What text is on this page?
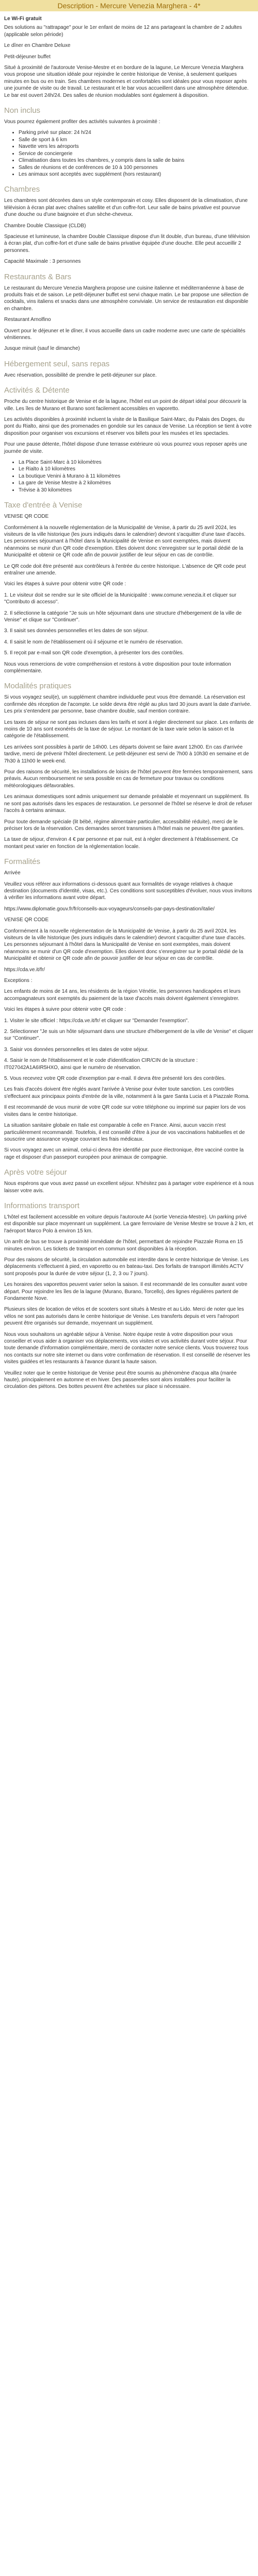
Description - Mercure Venezia Marghera - 4*

Le Wi-Fi gratuit

Des solutions au "rattrapage" pour le 1er enfant de moins de 12 ans partageant la chambre de 2 adultes (applicable selon période)

Le dîner en Chambre Deluxe

Petit-déjeuner buffet

Situé à proximité de l'autoroute Venise-Mestre et en bordure de la lagune, Le Mercure Venezia Marghera vous propose une situation idéale pour rejoindre le centre historique de Venise, à seulement quelques minutes en bus ou en train. Ses chambres modernes et confortables sont idéales pour vous reposer après une journée de visite ou de travail. Le restaurant et le bar vous accueillent dans une atmosphère détendue. Le bar est ouvert 24h/24. Des salles de réunion modulables sont également à disposition.

Non inclus

Vous pourrez également profiter des activités suivantes à proximité :

• Parking privé sur place: 24 h/24
• Salle de sport à 6 km
• Navette vers les aéroports
• Service de conciergerie
• Climatisation dans toutes les chambres, y compris dans la salle de bains
• Salles de réunions et de conférences de 10 à 100 personnes
• Les animaux sont acceptés avec supplément (hors restaurant)
Chambres

Les chambres sont décorées dans un style contemporain et cosy. Elles disposent de la climatisation, d'une télévision à écran plat avec chaînes satellite et d'un coffre-fort. Leur salle de bains privative est pourvue d'une douche ou d'une baignoire et d'un sèche-cheveux.

Chambre Double Classique (CLDB)

Spacieuse et lumineuse, la chambre Double Classique dispose d'un lit double, d'un bureau, d'une télévision à écran plat, d'un coffre-fort et d'une salle de bains privative équipée d'une douche. Elle peut accueillir 2 personnes.

Capacité Maximale : 3 personnes

Restaurants & Bars

Le restaurant du Mercure Venezia Marghera propose une cuisine italienne et méditerranéenne à base de produits frais et de saison. Le petit-déjeuner buffet est servi chaque matin. Le bar propose une sélection de cocktails, vins italiens et snacks dans une atmosphère conviviale. Un service de restauration est disponible en chambre.

Restaurant Arnolfino

Ouvert pour le déjeuner et le dîner, il vous accueille dans un cadre moderne avec une carte de spécialités vénitiennes.

Jusque minuit (sauf le dimanche)

Hébergement seul, sans repas

Avec réservation, possibilité de prendre le petit-déjeuner sur place.

Activités & Détente

Proche du centre historique de Venise et de la lagune, l'hôtel est un point de départ idéal pour découvrir la ville. Les îles de Murano et Burano sont facilement accessibles en vaporetto.

Les activités disponibles à proximité incluent la visite de la Basilique Saint-Marc, du Palais des Doges, du pont du Rialto, ainsi que des promenades en gondole sur les canaux de Venise. La réception se tient à votre disposition pour organiser vos excursions et réserver vos billets pour les musées et les spectacles.

Pour une pause détente, l'hôtel dispose d'une terrasse extérieure où vous pourrez vous reposer après une journée de visite.

• La Place Saint-Marc à 10 kilomètres
• Le Rialto à 10 kilomètres
• La boutique Venini à Murano à 11 kilomètres
• La gare de Venise Mestre à 2 kilomètres
• Trévise à 30 kilomètres
Taxe d'entrée à Venise

VENISE QR CODE

Conformément à la nouvelle réglementation de la Municipalité de Venise, à partir du 25 avril 2024, les visiteurs de la ville historique (les jours indiqués dans le calendrier) devront s'acquitter d'une taxe d'accès. Les personnes séjournant à l'hôtel dans la Municipalité de Venise en sont exemptées, mais doivent néanmoins se munir d'un QR code d'exemption. Elles doivent donc s'enregistrer sur le portail dédié de la Municipalité et obtenir ce QR code afin de pouvoir justifier de leur séjour en cas de contrôle.

Le QR code doit être présenté aux contrôleurs à l'entrée du centre historique. L'absence de QR code peut entraîner une amende.

Voici les étapes à suivre pour obtenir votre QR code :

1. Le visiteur doit se rendre sur le site officiel de la Municipalité : www.comune.venezia.it et cliquer sur "Contributo di accesso".

2. Il sélectionne la catégorie "Je suis un hôte séjournant dans une structure d'hébergement de la ville de Venise" et clique sur "Continuer".

3. Il saisit ses données personnelles et les dates de son séjour.

4. Il saisit le nom de l'établissement où il séjourne et le numéro de réservation.

5. Il reçoit par e-mail son QR code d'exemption, à présenter lors des contrôles.

Nous vous remercions de votre compréhension et restons à votre disposition pour toute information complémentaire.

Modalités pratiques

Si vous voyagez seul(e), un supplément chambre individuelle peut vous être demandé. La réservation est confirmée dès réception de l'acompte. Le solde devra être réglé au plus tard 30 jours avant la date d'arrivée. Les prix s'entendent par personne, base chambre double, sauf mention contraire.

Les taxes de séjour ne sont pas incluses dans les tarifs et sont à régler directement sur place. Les enfants de moins de 10 ans sont exonérés de la taxe de séjour. Le montant de la taxe varie selon la saison et la catégorie de l'établissement.

Les arrivées sont possibles à partir de 14h00. Les départs doivent se faire avant 12h00. En cas d'arrivée tardive, merci de prévenir l'hôtel directement. Le petit-déjeuner est servi de 7h00 à 10h30 en semaine et de 7h30 à 11h00 le week-end.

Pour des raisons de sécurité, les installations de loisirs de l'hôtel peuvent être fermées temporairement, sans préavis. Aucun remboursement ne sera possible en cas de fermeture pour travaux ou conditions météorologiques défavorables.

Les animaux domestiques sont admis uniquement sur demande préalable et moyennant un supplément. Ils ne sont pas autorisés dans les espaces de restauration. Le personnel de l'hôtel se réserve le droit de refuser l'accès à certains animaux.

Pour toute demande spéciale (lit bébé, régime alimentaire particulier, accessibilité réduite), merci de le préciser lors de la réservation. Ces demandes seront transmises à l'hôtel mais ne peuvent être garanties.

La taxe de séjour, d'environ 4 € par personne et par nuit, est à régler directement à l'établissement. Ce montant peut varier en fonction de la réglementation locale.

Formalités

Arrivée

Veuillez vous référer aux informations ci-dessous quant aux formalités de voyage relatives à chaque destination (documents d'identité, visas, etc.). Ces conditions sont susceptibles d'évoluer, nous vous invitons à vérifier les informations avant votre départ.

https://www.diplomatie.gouv.fr/fr/conseils-aux-voyageurs/conseils-par-pays-destination/italie/

VENISE QR CODE

Conformément à la nouvelle réglementation de la Municipalité de Venise, à partir du 25 avril 2024, les visiteurs de la ville historique (les jours indiqués dans le calendrier) devront s'acquitter d'une taxe d'accès. Les personnes séjournant à l'hôtel dans la Municipalité de Venise en sont exemptées, mais doivent néanmoins se munir d'un QR code d'exemption. Elles doivent donc s'enregistrer sur le portail dédié de la Municipalité et obtenir ce QR code afin de pouvoir justifier de leur séjour en cas de contrôle.

https://cda.ve.it/fr/

Exceptions :

Les enfants de moins de 14 ans, les résidents de la région Vénétie, les personnes handicapées et leurs accompagnateurs sont exemptés du paiement de la taxe d'accès mais doivent également s'enregistrer.

Voici les étapes à suivre pour obtenir votre QR code :

1. Visiter le site officiel : https://cda.ve.it/fr/ et cliquer sur "Demander l'exemption".

2. Sélectionner "Je suis un hôte séjournant dans une structure d'hébergement de la ville de Venise" et cliquer sur "Continuer".

3. Saisir vos données personnelles et les dates de votre séjour.

4. Saisir le nom de l'établissement et le code d'identification CIR/CIN de la structure : IT027042A1A6IR5HXO, ainsi que le numéro de réservation.

5. Vous recevrez votre QR code d'exemption par e-mail. Il devra être présenté lors des contrôles.

Les frais d'accès doivent être réglés avant l'arrivée à Venise pour éviter toute sanction. Les contrôles s'effectuent aux principaux points d'entrée de la ville, notamment à la gare Santa Lucia et à Piazzale Roma.

Il est recommandé de vous munir de votre QR code sur votre téléphone ou imprimé sur papier lors de vos visites dans le centre historique.

La situation sanitaire globale en Italie est comparable à celle en France. Ainsi, aucun vaccin n'est particulièrement recommandé. Toutefois, il est conseillé d'être à jour de vos vaccinations habituelles et de souscrire une assurance voyage couvrant les frais médicaux.

Si vous voyagez avec un animal, celui-ci devra être identifié par puce électronique, être vacciné contre la rage et disposer d'un passeport européen pour animaux de compagnie.

Après votre séjour

Nous espérons que vous avez passé un excellent séjour. N'hésitez pas à partager votre expérience et à nous laisser votre avis.

Informations transport

L'hôtel est facilement accessible en voiture depuis l'autoroute A4 (sortie Venezia-Mestre). Un parking privé est disponible sur place moyennant un supplément. La gare ferroviaire de Venise Mestre se trouve à 2 km, et l'aéroport Marco Polo à environ 15 km.

Un arrêt de bus se trouve à proximité immédiate de l'hôtel, permettant de rejoindre Piazzale Roma en 15 minutes environ. Les tickets de transport en commun sont disponibles à la réception.

Pour des raisons de sécurité, la circulation automobile est interdite dans le centre historique de Venise. Les déplacements s'effectuent à pied, en vaporetto ou en bateau-taxi. Des forfaits de transport illimités ACTV sont proposés pour la durée de votre séjour (1, 2, 3 ou 7 jours).

Les horaires des vaporettos peuvent varier selon la saison. Il est recommandé de les consulter avant votre départ. Pour rejoindre les îles de la lagune (Murano, Burano, Torcello), des lignes régulières partent de Fondamente Nove.

Plusieurs sites de location de vélos et de scooters sont situés à Mestre et au Lido. Merci de noter que les vélos ne sont pas autorisés dans le centre historique de Venise. Les transferts depuis et vers l'aéroport peuvent être organisés sur demande, moyennant un supplément.

Nous vous souhaitons un agréable séjour à Venise. Notre équipe reste à votre disposition pour vous conseiller et vous aider à organiser vos déplacements, vos visites et vos activités durant votre séjour. Pour toute demande d'information complémentaire, merci de contacter notre service clients. Vous trouverez tous nos contacts sur notre site internet ou dans votre confirmation de réservation. Il est conseillé de réserver les visites guidées et les restaurants à l'avance durant la haute saison.

Veuillez noter que le centre historique de Venise peut être soumis au phénomène d'acqua alta (marée haute), principalement en automne et en hiver. Des passerelles sont alors installées pour faciliter la circulation des piétons. Des bottes peuvent être achetées sur place si nécessaire.
